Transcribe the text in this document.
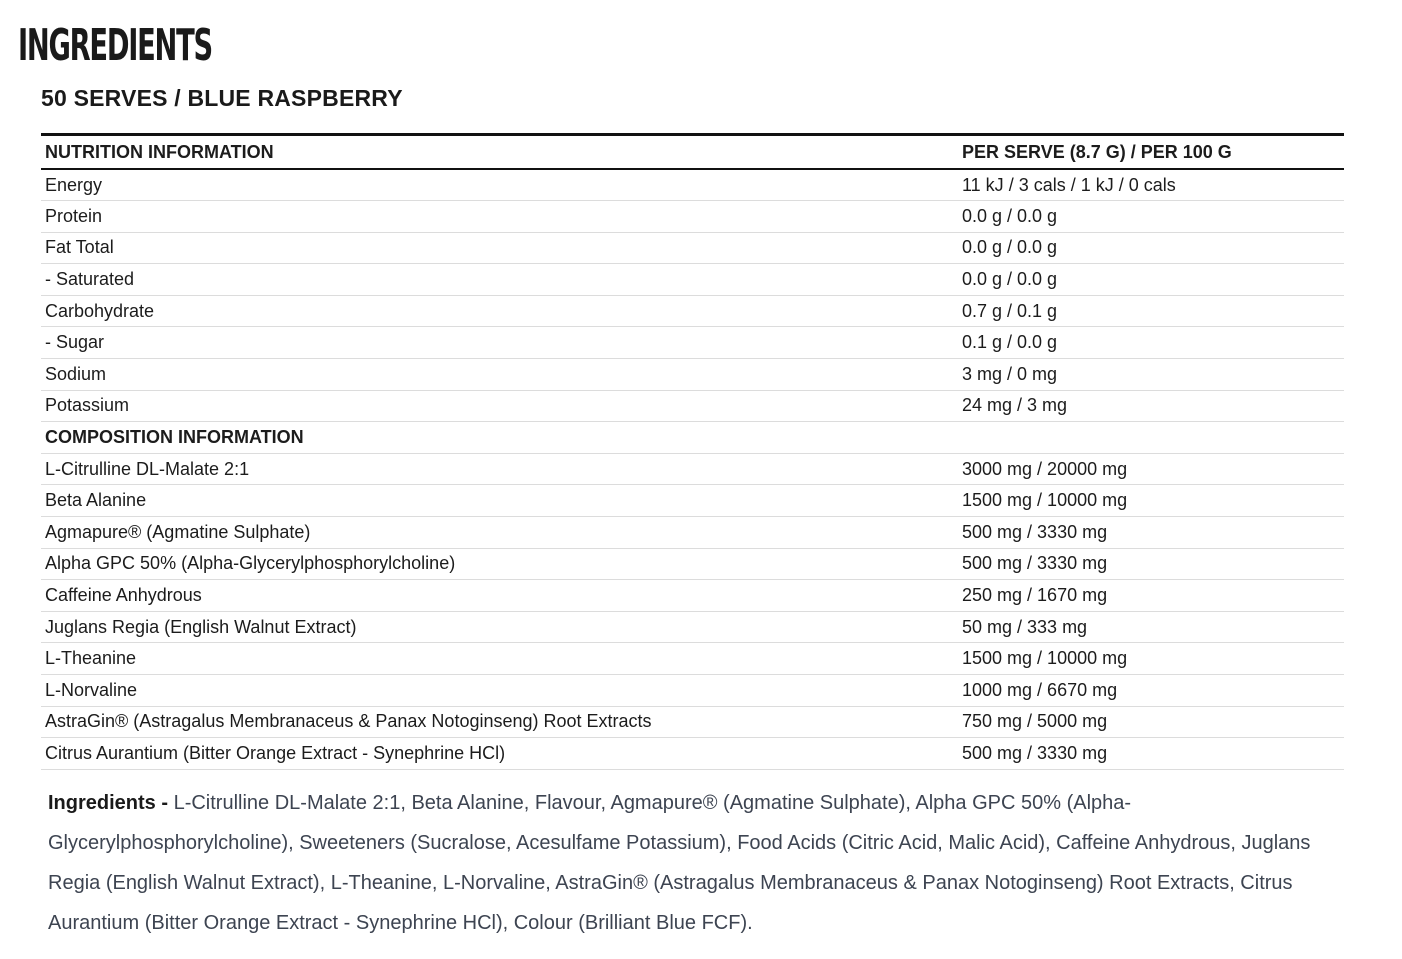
INGREDIENTS
50 SERVES / BLUE RASPBERRY
NUTRITION INFORMATION	PER SERVE (8.7 G) / PER 100 G
Energy	11 kJ / 3 cals / 1 kJ / 0 cals
Protein	0.0 g / 0.0 g
Fat Total	0.0 g / 0.0 g
- Saturated	0.0 g / 0.0 g
Carbohydrate	0.7 g / 0.1 g
- Sugar	0.1 g / 0.0 g
Sodium	3 mg / 0 mg
Potassium	24 mg / 3 mg
COMPOSITION INFORMATION	
L-Citrulline DL-Malate 2:1	3000 mg / 20000 mg
Beta Alanine	1500 mg / 10000 mg
Agmapure® (Agmatine Sulphate)	500 mg / 3330 mg
Alpha GPC 50% (Alpha-Glycerylphosphorylcholine)	500 mg / 3330 mg
Caffeine Anhydrous	250 mg / 1670 mg
Juglans Regia (English Walnut Extract)	50 mg / 333 mg
L-Theanine	1500 mg / 10000 mg
L-Norvaline	1000 mg / 6670 mg
AstraGin® (Astragalus Membranaceus & Panax Notoginseng) Root Extracts	750 mg / 5000 mg
Citrus Aurantium (Bitter Orange Extract - Synephrine HCl)	500 mg / 3330 mg

Ingredients - L-Citrulline DL-Malate 2:1, Beta Alanine, Flavour, Agmapure® (Agmatine Sulphate), Alpha GPC 50% (Alpha-Glycerylphosphorylcholine), Sweeteners (Sucralose, Acesulfame Potassium), Food Acids (Citric Acid, Malic Acid), Caffeine Anhydrous, Juglans Regia (English Walnut Extract), L-Theanine, L-Norvaline, AstraGin® (Astragalus Membranaceus & Panax Notoginseng) Root Extracts, Citrus Aurantium (Bitter Orange Extract - Synephrine HCl), Colour (Brilliant Blue FCF).
